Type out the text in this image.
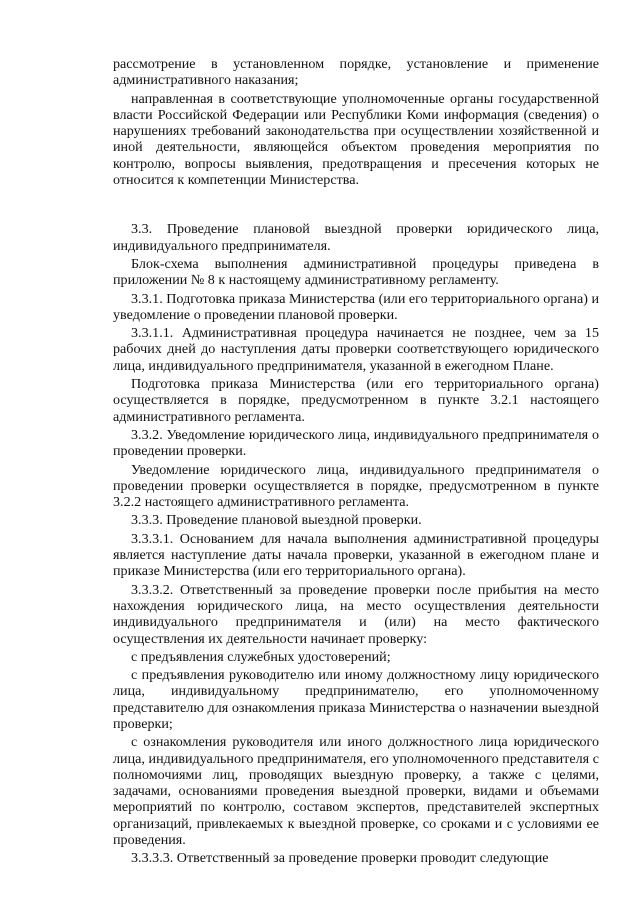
рассмотрение в установленном порядке, установление и применение административного наказания;

направленная в соответствующие уполномоченные органы государственной власти Российской Федерации или Республики Коми информация (сведения) о нарушениях требований законодательства при осуществлении хозяйственной и иной деятельности, являющейся объектом проведения мероприятия по контролю, вопросы выявления, предотвращения и пресечения которых не относится к компетенции Министерства.

3.3. Проведение плановой выездной проверки юридического лица, индивидуального предпринимателя.

Блок-схема выполнения административной процедуры приведена в приложении № 8 к настоящему административному регламенту.

3.3.1. Подготовка приказа Министерства (или его территориального органа) и уведомление о проведении плановой проверки.

3.3.1.1. Административная процедура начинается не позднее, чем за 15 рабочих дней до наступления даты проверки соответствующего юридического лица, индивидуального предпринимателя, указанной в ежегодном Плане.

Подготовка приказа Министерства (или его территориального органа) осуществляется в порядке, предусмотренном в пункте 3.2.1 настоящего административного регламента.

3.3.2. Уведомление юридического лица, индивидуального предпринимателя о проведении проверки.

Уведомление юридического лица, индивидуального предпринимателя о проведении проверки осуществляется в порядке, предусмотренном в пункте 3.2.2 настоящего административного регламента.

3.3.3. Проведение плановой выездной проверки.

3.3.3.1. Основанием для начала выполнения административной процедуры является наступление даты начала проверки, указанной в ежегодном плане и приказе Министерства (или его территориального органа).

3.3.3.2. Ответственный за проведение проверки после прибытия на место нахождения юридического лица, на место осуществления деятельности индивидуального предпринимателя и (или) на место фактического осуществления их деятельности начинает проверку:

с предъявления служебных удостоверений;

с предъявления руководителю или иному должностному лицу юридического лица, индивидуальному предпринимателю, его уполномоченному представителю для ознакомления приказа Министерства о назначении выездной проверки;

с ознакомления руководителя или иного должностного лица юридического лица, индивидуального предпринимателя, его уполномоченного представителя с полномочиями лиц, проводящих выездную проверку, а также с целями, задачами, основаниями проведения выездной проверки, видами и объемами мероприятий по контролю, составом экспертов, представителей экспертных организаций, привлекаемых к выездной проверке, со сроками и с условиями ее проведения.

3.3.3.3. Ответственный за проведение проверки проводит следующие
